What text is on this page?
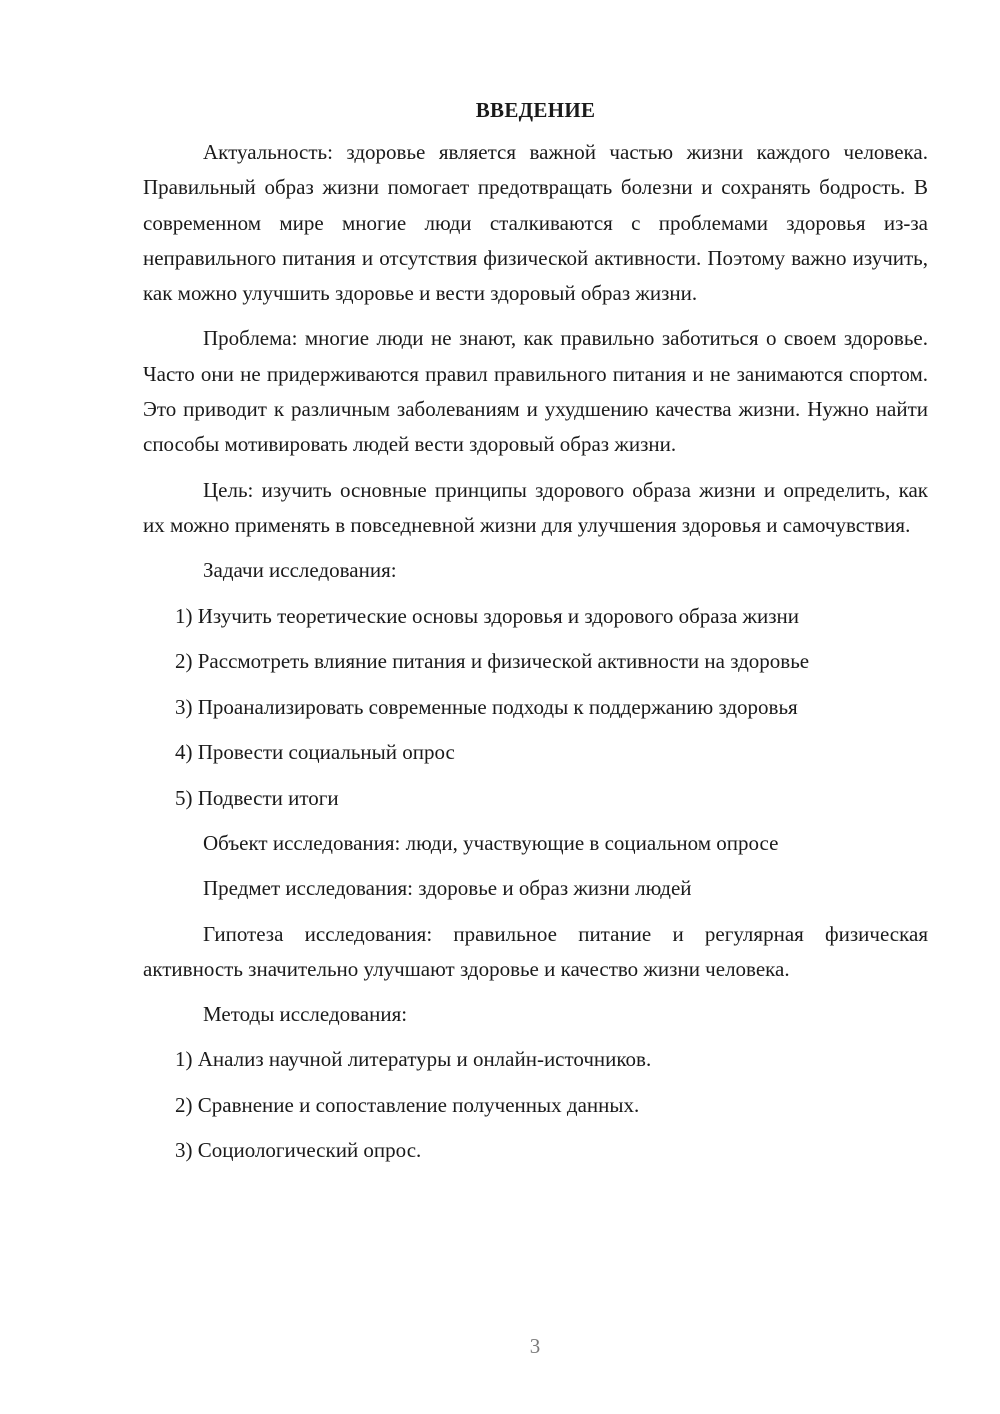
ВВЕДЕНИЕ

Актуальность: здоровье является важной частью жизни каждого человека. Правильный образ жизни помогает предотвращать болезни и сохранять бодрость. В современном мире многие люди сталкиваются с проблемами здоровья из-за неправильного питания и отсутствия физической активности. Поэтому важно изучить, как можно улучшить здоровье и вести здоровый образ жизни.

Проблема: многие люди не знают, как правильно заботиться о своем здоровье. Часто они не придерживаются правил правильного питания и не занимаются спортом. Это приводит к различным заболеваниям и ухудшению качества жизни. Нужно найти способы мотивировать людей вести здоровый образ жизни.

Цель: изучить основные принципы здорового образа жизни и определить, как их можно применять в повседневной жизни для улучшения здоровья и самочувствия.

Задачи исследования:
1) Изучить теоретические основы здоровья и здорового образа жизни
2) Рассмотреть влияние питания и физической активности на здоровье
3) Проанализировать современные подходы к поддержанию здоровья
4) Провести социальный опрос
5) Подвести итоги
Объект исследования: люди, участвующие в социальном опросе
Предмет исследования: здоровье и образ жизни людей

Гипотеза исследования: правильное питание и регулярная физическая активность значительно улучшают здоровье и качество жизни человека.

Методы исследования:
1) Анализ научной литературы и онлайн-источников.
2) Сравнение и сопоставление полученных данных.
3) Социологический опрос.
3
